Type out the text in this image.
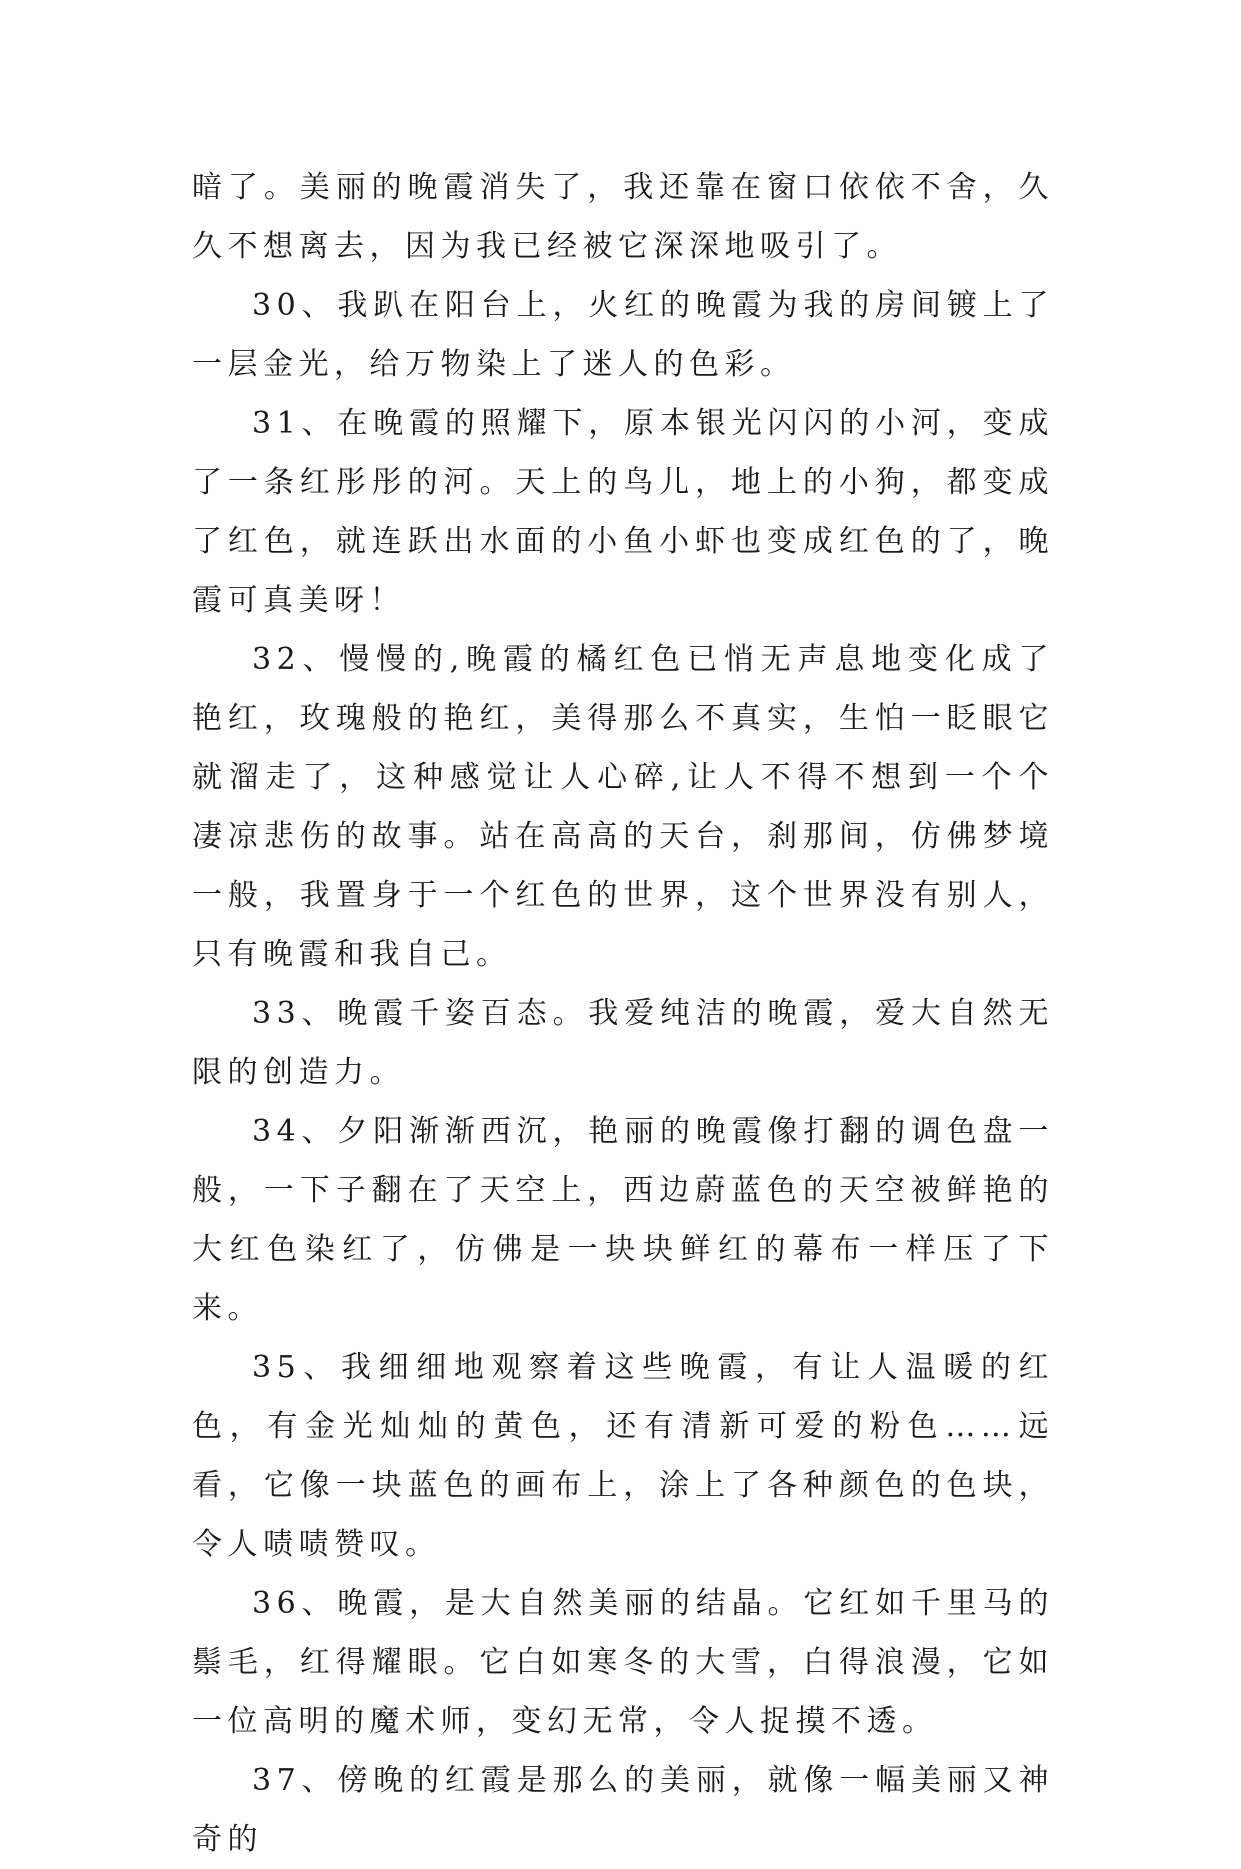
暗了。美丽的晚霞消失了，我还靠在窗口依依不舍，久久不想离去，因为我已经被它深深地吸引了。

30、我趴在阳台上，火红的晚霞为我的房间镀上了一层金光，给万物染上了迷人的色彩。

31、在晚霞的照耀下，原本银光闪闪的小河，变成了一条红彤彤的河。天上的鸟儿，地上的小狗，都变成了红色，就连跃出水面的小鱼小虾也变成红色的了，晚霞可真美呀！

32、慢慢的,晚霞的橘红色已悄无声息地变化成了艳红，玫瑰般的艳红，美得那么不真实，生怕一眨眼它就溜走了，这种感觉让人心碎,让人不得不想到一个个凄凉悲伤的故事。站在高高的天台，刹那间，仿佛梦境一般，我置身于一个红色的世界，这个世界没有别人，只有晚霞和我自己。

33、晚霞千姿百态。我爱纯洁的晚霞，爱大自然无限的创造力。

34、夕阳渐渐西沉，艳丽的晚霞像打翻的调色盘一般，一下子翻在了天空上，西边蔚蓝色的天空被鲜艳的大红色染红了，仿佛是一块块鲜红的幕布一样压了下来。

35、我细细地观察着这些晚霞，有让人温暖的红色，有金光灿灿的黄色，还有清新可爱的粉色……远看，它像一块蓝色的画布上，涂上了各种颜色的色块，令人啧啧赞叹。

36、晚霞，是大自然美丽的结晶。它红如千里马的鬃毛，红得耀眼。它白如寒冬的大雪，白得浪漫，它如一位高明的魔术师，变幻无常，令人捉摸不透。

37、傍晚的红霞是那么的美丽，就像一幅美丽又神奇的
